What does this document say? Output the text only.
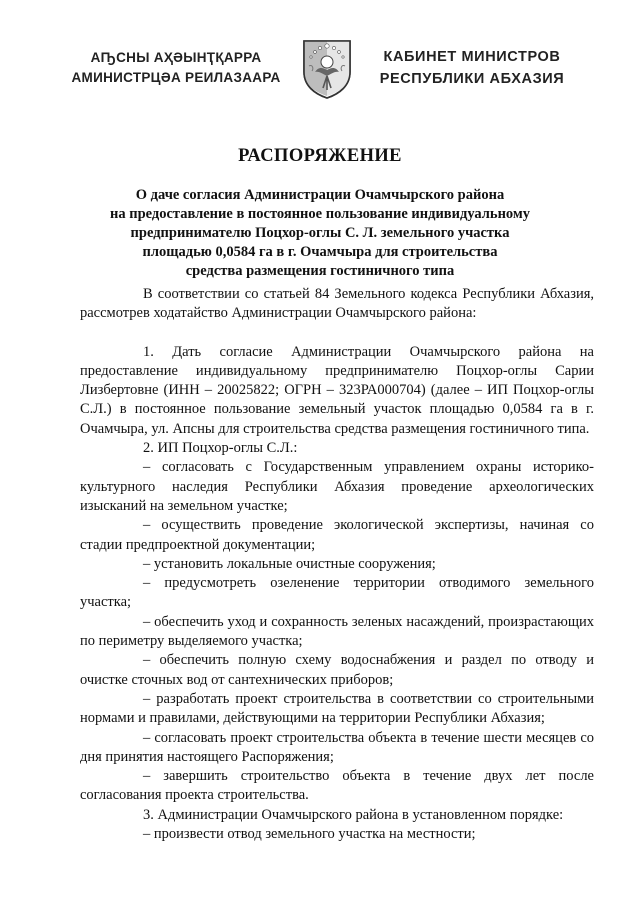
АҦСНЫ АҲӘЫНҬҚАРРА
АМИНИСТРЦӘА РЕИЛАЗААРА
КАБИНЕТ МИНИСТРОВ
РЕСПУБЛИКИ АБХАЗИЯ
РАСПОРЯЖЕНИЕ
О даче согласия Администрации Очамчырского района
на предоставление в постоянное пользование индивидуальному
предпринимателю Поцхор-оглы С. Л. земельного участка
площадью 0,0584 га в г. Очамчыра для строительства
средства размещения гостиничного типа

В соответствии со статьей 84 Земельного кодекса Республики Абхазия, рассмотрев ходатайство Администрации Очамчырского района:

1. Дать согласие Администрации Очамчырского района на предоставление индивидуальному предпринимателю Поцхор-оглы Сарии Лизбертовне (ИНН – 20025822; ОГРН – 323РА000704) (далее – ИП Поцхор-оглы С.Л.) в постоянное пользование земельный участок площадью 0,0584 га в г. Очамчыра, ул. Апсны для строительства средства размещения гостиничного типа.

2. ИП Поцхор-оглы С.Л.:

– согласовать с Государственным управлением охраны историко-культурного наследия Республики Абхазия проведение археологических изысканий на земельном участке;

– осуществить проведение экологической экспертизы, начиная со стадии предпроектной документации;

– установить локальные очистные сооружения;

– предусмотреть озеленение территории отводимого земельного участка;

– обеспечить уход и сохранность зеленых насаждений, произрастающих по периметру выделяемого участка;

– обеспечить полную схему водоснабжения и раздел по отводу и очистке сточных вод от сантехнических приборов;

– разработать проект строительства в соответствии со строительными нормами и правилами, действующими на территории Республики Абхазия;

– согласовать проект строительства объекта в течение шести месяцев со дня принятия настоящего Распоряжения;

– завершить строительство объекта в течение двух лет после согласования проекта строительства.

3. Администрации Очамчырского района в установленном порядке:

– произвести отвод земельного участка на местности;
